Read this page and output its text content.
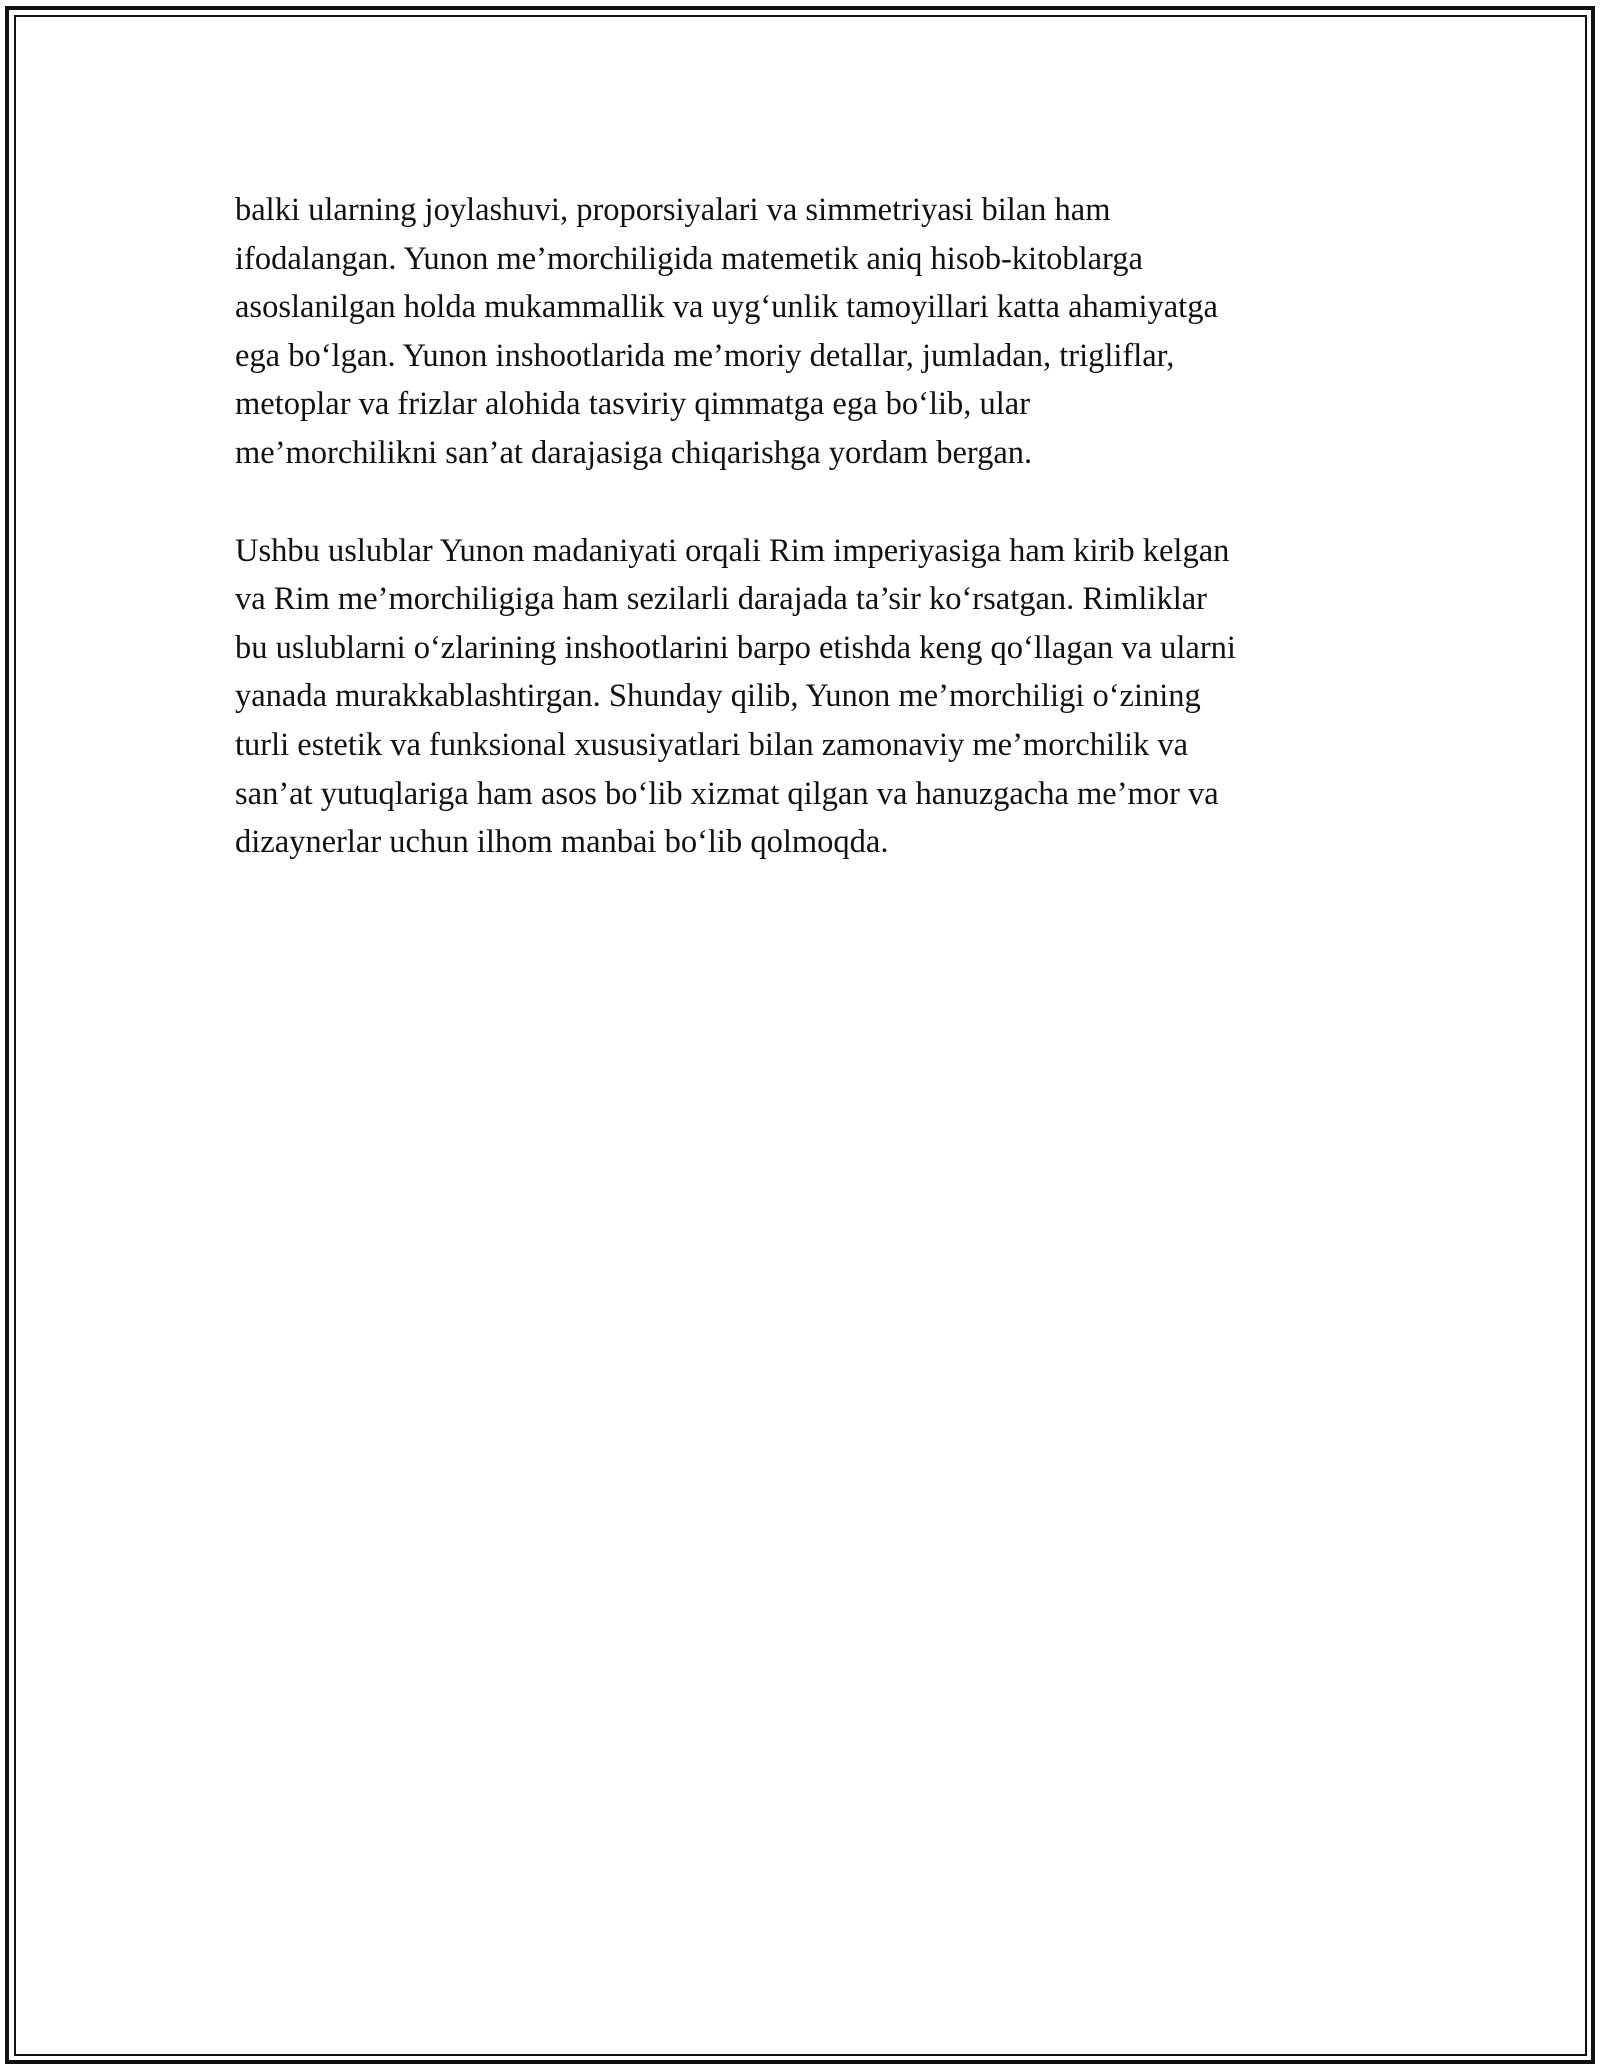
balki ularning joylashuvi, proporsiyalari va simmetriyasi bilan ham
ifodalangan. Yunon me’morchiligida matemetik aniq hisob-kitoblarga
asoslanilgan holda mukammallik va uyg‘unlik tamoyillari katta ahamiyatga
ega bo‘lgan. Yunon inshootlarida me’moriy detallar, jumladan, trigliflar,
metoplar va frizlar alohida tasviriy qimmatga ega bo‘lib, ular
me’morchilikni san’at darajasiga chiqarishga yordam bergan.

Ushbu uslublar Yunon madaniyati orqali Rim imperiyasiga ham kirib kelgan
va Rim me’morchiligiga ham sezilarli darajada ta’sir ko‘rsatgan. Rimliklar
bu uslublarni o‘zlarining inshootlarini barpo etishda keng qo‘llagan va ularni
yanada murakkablashtirgan. Shunday qilib, Yunon me’morchiligi o‘zining
turli estetik va funksional xususiyatlari bilan zamonaviy me’morchilik va
san’at yutuqlariga ham asos bo‘lib xizmat qilgan va hanuzgacha me’mor va
dizaynerlar uchun ilhom manbai bo‘lib qolmoqda.
